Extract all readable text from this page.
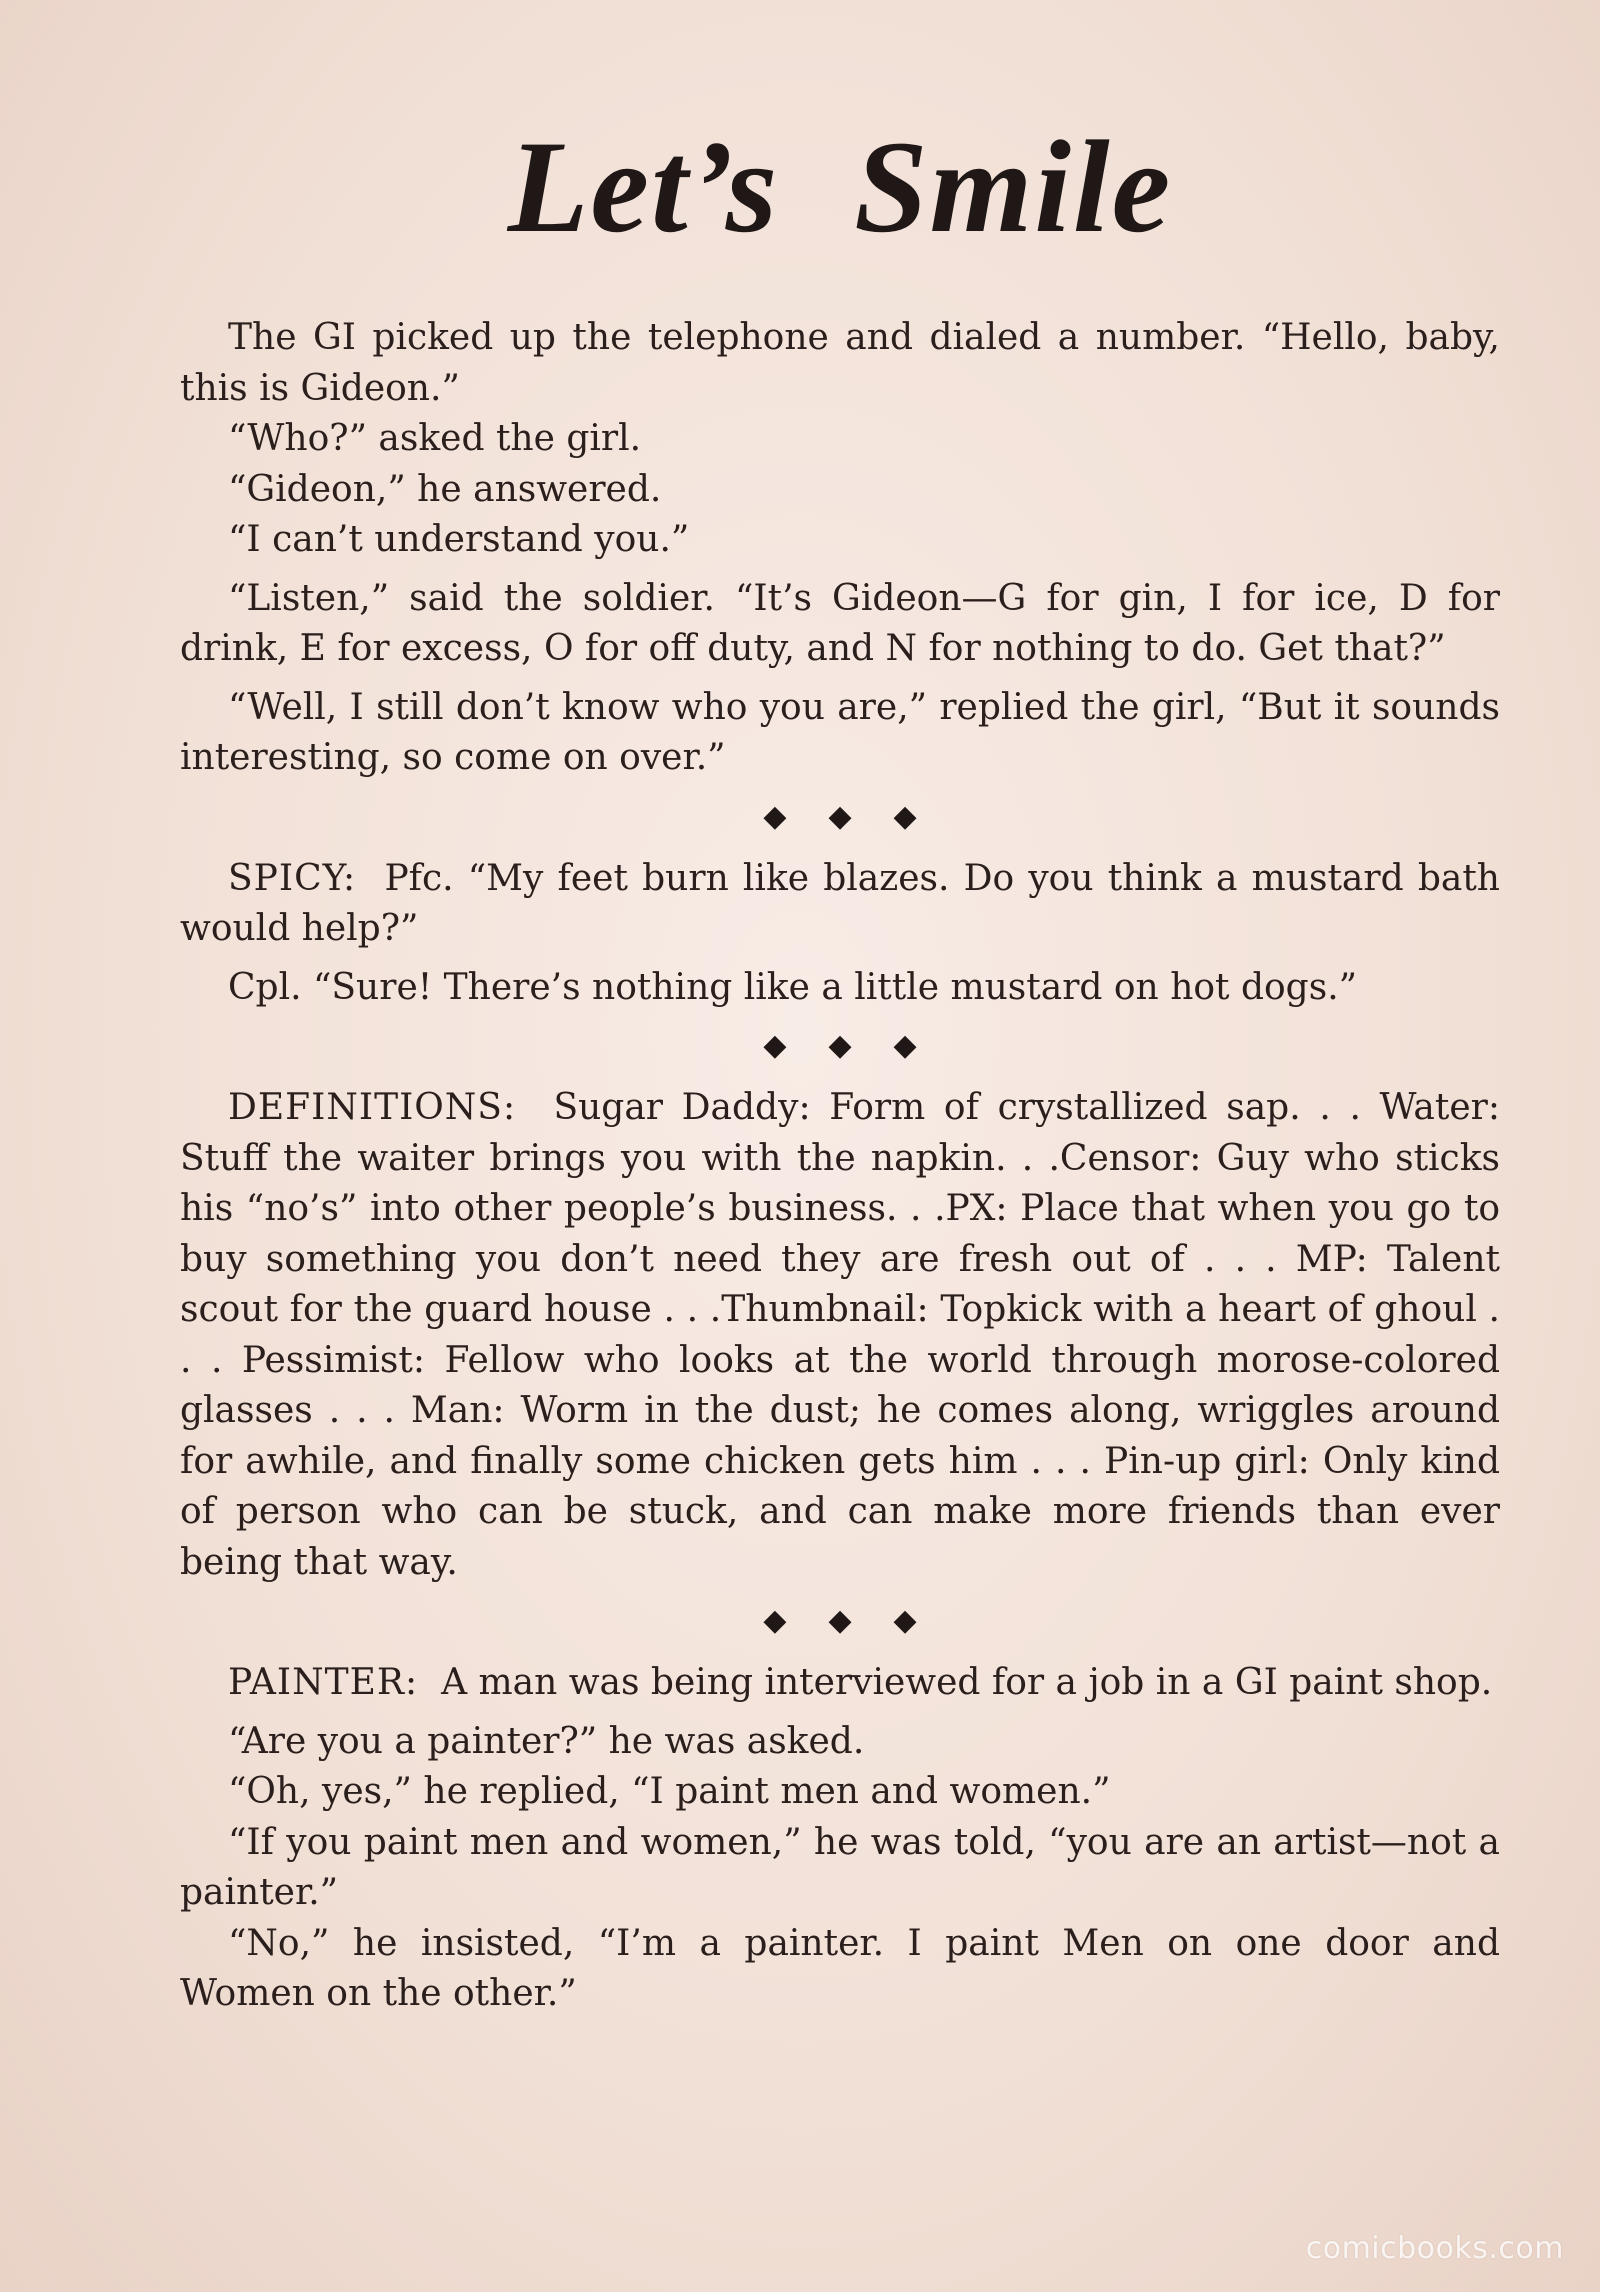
Let’s Smile

The GI picked up the telephone and dialed a number. “Hello, baby, this is Gideon.”

“Who?” asked the girl.

“Gideon,” he answered.

“I can’t understand you.”

“Listen,” said the soldier. “It’s Gideon—G for gin, I for ice, D for drink, E for excess, O for off duty, and N for nothing to do. Get that?”

“Well, I still don’t know who you are,” replied the girl, “But it sounds interesting, so come on over.”

◆◆◆

SPICY: Pfc. “My feet burn like blazes. Do you think a mustard bath would help?”

Cpl. “Sure! There’s nothing like a little mustard on hot dogs.”

◆◆◆

DEFINITIONS: Sugar Daddy: Form of crystallized sap. . . Water: Stuff the waiter brings you with the napkin. . .Censor: Guy who sticks his “no’s” into other people’s business. . .PX: Place that when you go to buy something you don’t need they are fresh out of . . . MP: Talent scout for the guard house . . .Thumbnail: Topkick with a heart of ghoul . . . Pessimist: Fellow who looks at the world through morose-colored glasses . . . Man: Worm in the dust; he comes along, wriggles around for awhile, and finally some chicken gets him . . . Pin-up girl: Only kind of person who can be stuck, and can make more friends than ever being that way.

◆◆◆

PAINTER: A man was being interviewed for a job in a GI paint shop.

“Are you a painter?” he was asked.

“Oh, yes,” he replied, “I paint men and women.”

“If you paint men and women,” he was told, “you are an artist—not a painter.”

“No,” he insisted, “I’m a painter. I paint Men on one door and Women on the other.”

comicbooks.com
